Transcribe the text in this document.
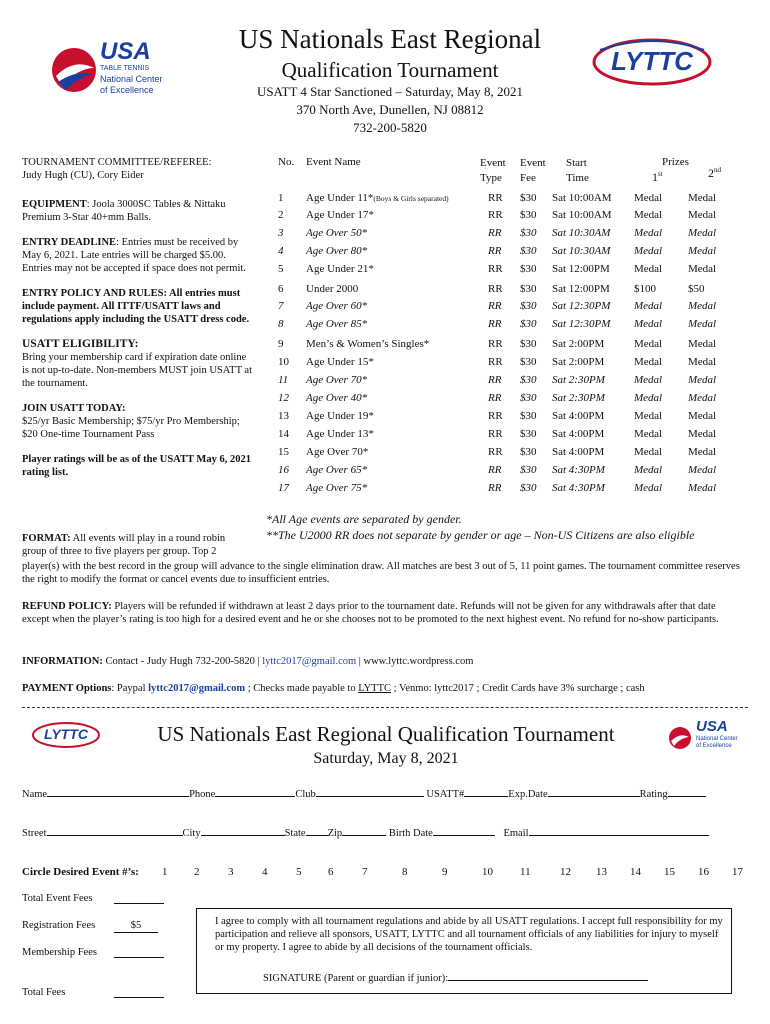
USA
TABLE TENNIS
National Center
of Excellence
LYTTC
US Nationals East Regional
Qualification Tournament
USATT 4 Star Sanctioned – Saturday, May 8, 2021
370 North Ave, Dunellen, NJ 08812
732-200-5820
TOURNAMENT COMMITTEE/REFEREE:
Judy Hugh (CU), Cory Eider

EQUIPMENT: Joola 3000SC Tables & Nittaku Premium 3-Star 40+mm Balls.

ENTRY DEADLINE: Entries must be received by May 6, 2021. Late entries will be charged $5.00. Entries may not be accepted if space does not permit.

ENTRY POLICY AND RULES: All entries must include payment. All ITTF/USATT laws and regulations apply including the USATT dress code.

USATT ELIGIBILITY:
Bring your membership card if expiration date online is not up-to-date. Non-members MUST join USATT at the tournament.

JOIN USATT TODAY:
$25/yr Basic Membership; $75/yr Pro Membership; $20 One-time Tournament Pass

Player ratings will be as of the USATT May 6, 2021 rating list.

No. Event Name	Event Type
Event Fee
Start Time
Prizes
1st	2nd
1 Age Under 11*(Boys & Girls separated)	RR $30 Sat 10:00AM Medal Medal
2 Age Under 17*	RR $30 Sat 10:00AM Medal Medal
3 Age Over 50*	RR $30 Sat 10:30AM Medal Medal
4 Age Over 80*	RR $30 Sat 10:30AM Medal Medal
5 Age Under 21*	RR $30 Sat 12:00PM Medal Medal
6 Under 2000	RR $30 Sat 12:00PM $100	$50
7 Age Over 60*	RR $30 Sat 12:30PM Medal Medal
8 Age Over 85*	RR $30 Sat 12:30PM Medal Medal
9 Men’s & Women’s Singles*	RR $30 Sat 2:00PM	Medal Medal
10 Age Under 15*	RR $30 Sat 2:00PM	Medal Medal
11 Age Over 70*	RR $30 Sat 2:30PM	Medal Medal
12 Age Over 40*	RR $30 Sat 2:30PM	Medal Medal
13 Age Under 19*	RR $30 Sat 4:00PM	Medal Medal
14 Age Under 13*	RR $30 Sat 4:00PM	Medal Medal
15 Age Over 70*	RR $30 Sat 4:00PM	Medal Medal
16 Age Over 65*	RR $30 Sat 4:30PM	Medal Medal
17 Age Over 75*	RR $30 Sat 4:30PM	Medal Medal
*All Age events are separated by gender.
**The U2000 RR does not separate by gender or age – Non-US Citizens are also eligible
FORMAT: All events will play in a round robin group of three to five players per group. Top 2
player(s) with the best record in the group will advance to the single elimination draw. All matches are best 3 out of 5, 11 point games. The tournament committee reserves the right to modify the format or cancel events due to insufficient entries.
REFUND POLICY: Players will be refunded if withdrawn at least 2 days prior to the tournament date. Refunds will not be given for any withdrawals after that date except when the player’s rating is too high for a desired event and he or she chooses not to be promoted to the next highest event. No refund for no-show participants.
INFORMATION: Contact - Judy Hugh 732-200-5820 | lyttc2017@gmail.com | www.lyttc.wordpress.com
PAYMENT Options: Paypal lyttc2017@gmail.com ; Checks made payable to LYTTC ; Venmo: lyttc2017 ; Credit Cards have 3% surcharge ; cash
LYTTC	USA
National Center
of Excellence
US Nationals East Regional Qualification Tournament
Saturday, May 8, 2021
Name	Phone	Club	USATT#	Exp.Date	Rating
Street	City	State Zip	Birth Date	Email
Circle Desired Event #’s: 1 2	3	4	5 6	7	8	9	10 11	12 13 14 15 16 17
Total Event Fees
Registration Fees	$5
Membership Fees
Total Fees
I agree to comply with all tournament regulations and abide by all USATT regulations. I accept full responsibility for my participation and relieve all sponsors, USATT, LYTTC and all tournament officials of any liabilities for injury to myself or my property. I agree to abide by all decisions of the tournament officials.
SIGNATURE (Parent or guardian if junior):
